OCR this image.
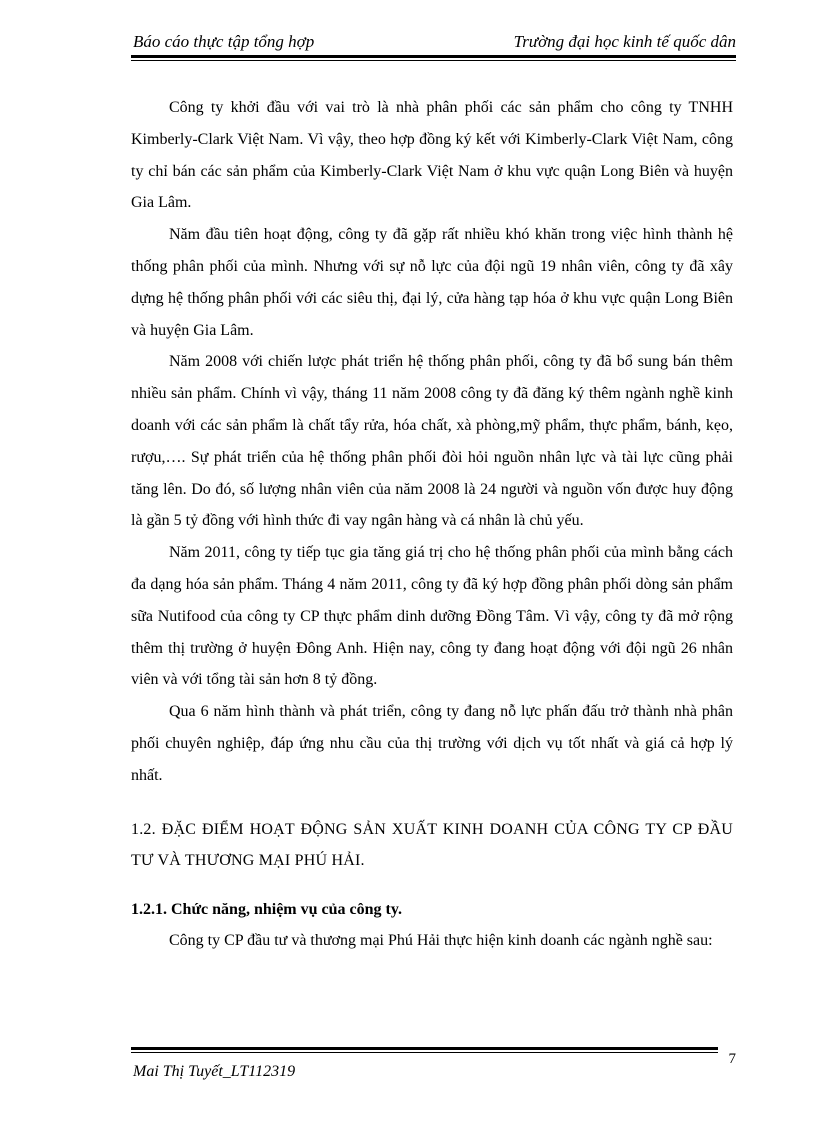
Báo cáo thực tập tổng hợp	Trường đại học kinh tế quốc dân

Công ty khởi đầu với vai trò là nhà phân phối các sản phẩm cho công ty TNHH Kimberly-Clark Việt Nam. Vì vậy, theo hợp đồng ký kết với Kimberly-Clark Việt Nam, công ty chỉ bán các sản phẩm của Kimberly-Clark Việt Nam ở khu vực quận Long Biên và huyện Gia Lâm.

Năm đầu tiên hoạt động, công ty đã gặp rất nhiều khó khăn trong việc hình thành hệ thống phân phối của mình. Nhưng với sự nỗ lực của đội ngũ 19 nhân viên, công ty đã xây dựng hệ thống phân phối với các siêu thị, đại lý, cửa hàng tạp hóa ở khu vực quận Long Biên và huyện Gia Lâm.

Năm 2008 với chiến lược phát triển hệ thống phân phối, công ty đã bổ sung bán thêm nhiều sản phẩm. Chính vì vậy, tháng 11 năm 2008 công ty đã đăng ký thêm ngành nghề kinh doanh với các sản phẩm là chất tẩy rửa, hóa chất, xà phòng,mỹ phẩm, thực phẩm, bánh, kẹo, rượu,…. Sự phát triển của hệ thống phân phối đòi hỏi nguồn nhân lực và tài lực cũng phải tăng lên. Do đó, số lượng nhân viên của năm 2008 là 24 người và nguồn vốn được huy động là gần 5 tỷ đồng với hình thức đi vay ngân hàng và cá nhân là chủ yếu.

Năm 2011, công ty tiếp tục gia tăng giá trị cho hệ thống phân phối của mình bằng cách đa dạng hóa sản phẩm. Tháng 4 năm 2011, công ty đã ký hợp đồng phân phối dòng sản phẩm sữa Nutifood của công ty CP thực phẩm dinh dưỡng Đồng Tâm. Vì vậy, công ty đã mở rộng thêm thị trường ở huyện Đông Anh. Hiện nay, công ty đang hoạt động với đội ngũ 26 nhân viên và với tổng tài sản hơn 8 tỷ đồng.

Qua 6 năm hình thành và phát triển, công ty đang nỗ lực phấn đấu trở thành nhà phân phối chuyên nghiệp, đáp ứng nhu cầu của thị trường với dịch vụ tốt nhất và giá cả hợp lý nhất.

1.2. ĐẶC ĐIỂM HOẠT ĐỘNG SẢN XUẤT KINH DOANH CỦA CÔNG TY CP ĐẦU TƯ VÀ THƯƠNG MẠI PHÚ HẢI.

1.2.1. Chức năng, nhiệm vụ của công ty.

Công ty CP đầu tư và thương mại Phú Hải thực hiện kinh doanh các ngành nghề sau:

Mai Thị Tuyết_LT112319
7
